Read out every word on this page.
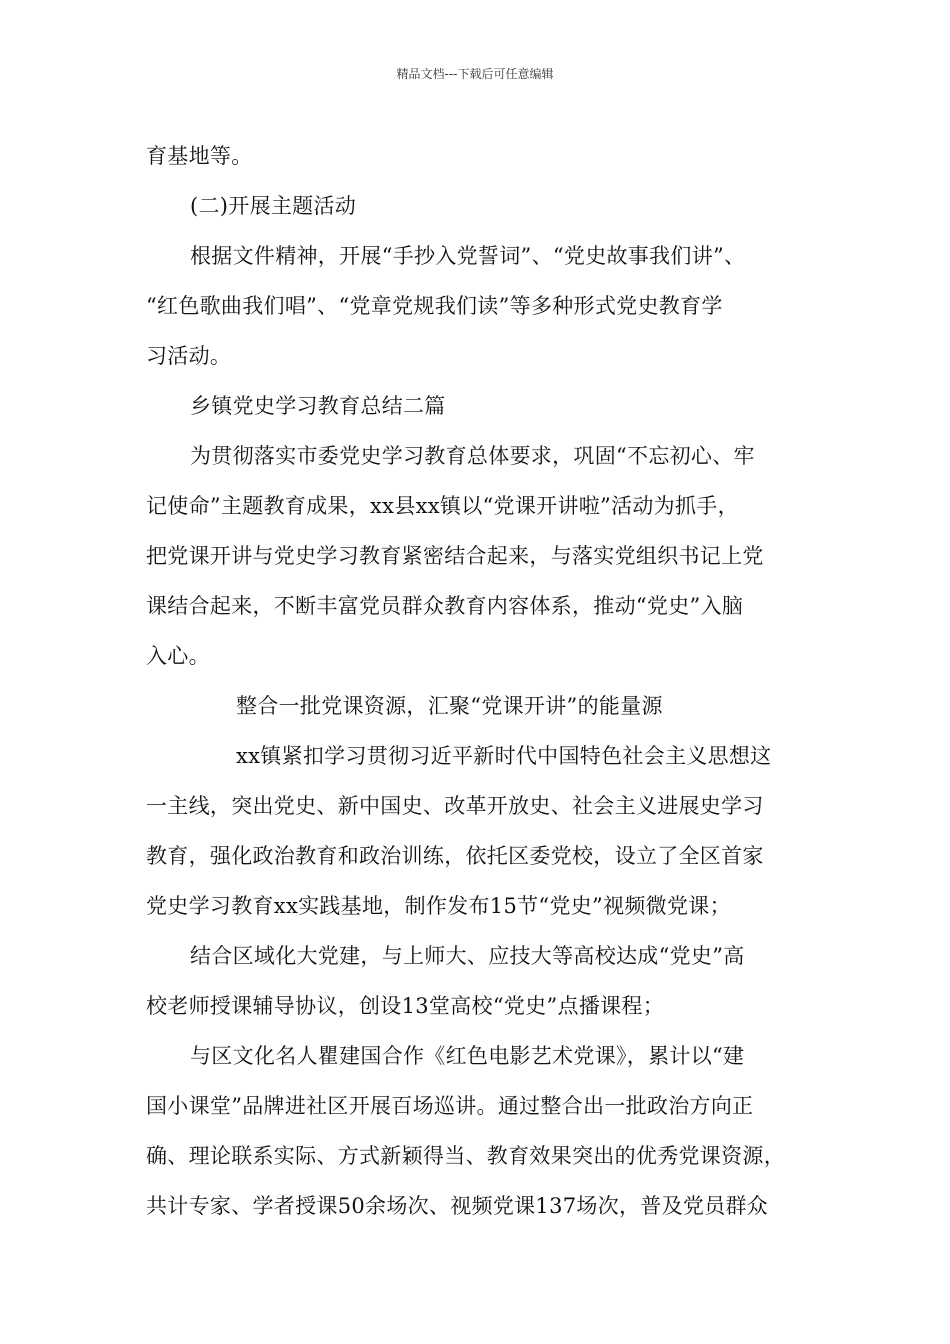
精品文档---下载后可任意编辑
育基地等。
(二)开展主题活动
根据文件精神，开展“手抄入党誓词”、“党史故事我们讲”、
“红色歌曲我们唱”、“党章党规我们读”等多种形式党史教育学
习活动。
乡镇党史学习教育总结二篇
为贯彻落实市委党史学习教育总体要求，巩固“不忘初心、牢
记使命”主题教育成果，xx县xx镇以“党课开讲啦”活动为抓手，
把党课开讲与党史学习教育紧密结合起来，与落实党组织书记上党
课结合起来，不断丰富党员群众教育内容体系，推动“党史”入脑
入心。
整合一批党课资源，汇聚“党课开讲”的能量源
xx镇紧扣学习贯彻习近平新时代中国特色社会主义思想这
一主线，突出党史、新中国史、改革开放史、社会主义进展史学习
教育，强化政治教育和政治训练，依托区委党校，设立了全区首家
党史学习教育xx实践基地，制作发布15节“党史”视频微党课；
结合区域化大党建，与上师大、应技大等高校达成“党史”高
校老师授课辅导协议，创设13堂高校“党史”点播课程；
与区文化名人瞿建国合作《红色电影艺术党课》，累计以“建
国小课堂”品牌进社区开展百场巡讲。通过整合出一批政治方向正
确、理论联系实际、方式新颖得当、教育效果突出的优秀党课资源，
共计专家、学者授课50余场次、视频党课137场次，普及党员群众
